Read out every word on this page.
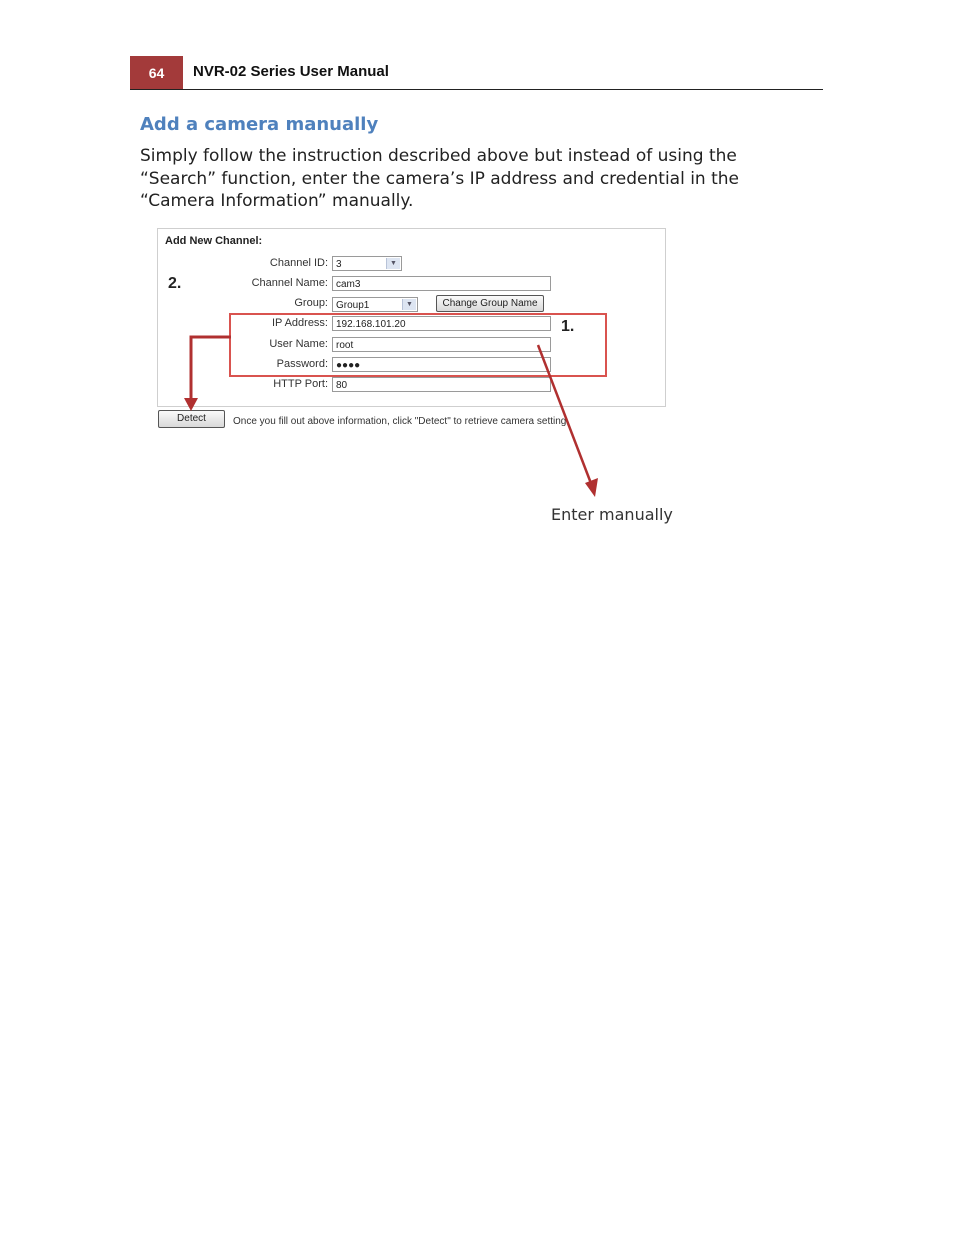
64	NVR-02 Series User Manual
Add a camera manually
Simply follow the instruction described above but instead of using the
“Search” function, enter the camera’s IP address and credential in the
“Camera Information” manually.
Add New Channel:
2.
Channel ID: 3	▼
Channel Name: cam3
Group: Group1	▼	Change Group Name
IP Address: 192.168.101.20
User Name: root
Password: ●●●●
HTTP Port: 80
1.
Detect	Once you fill out above information, click "Detect" to retrieve camera setting
Enter manually
